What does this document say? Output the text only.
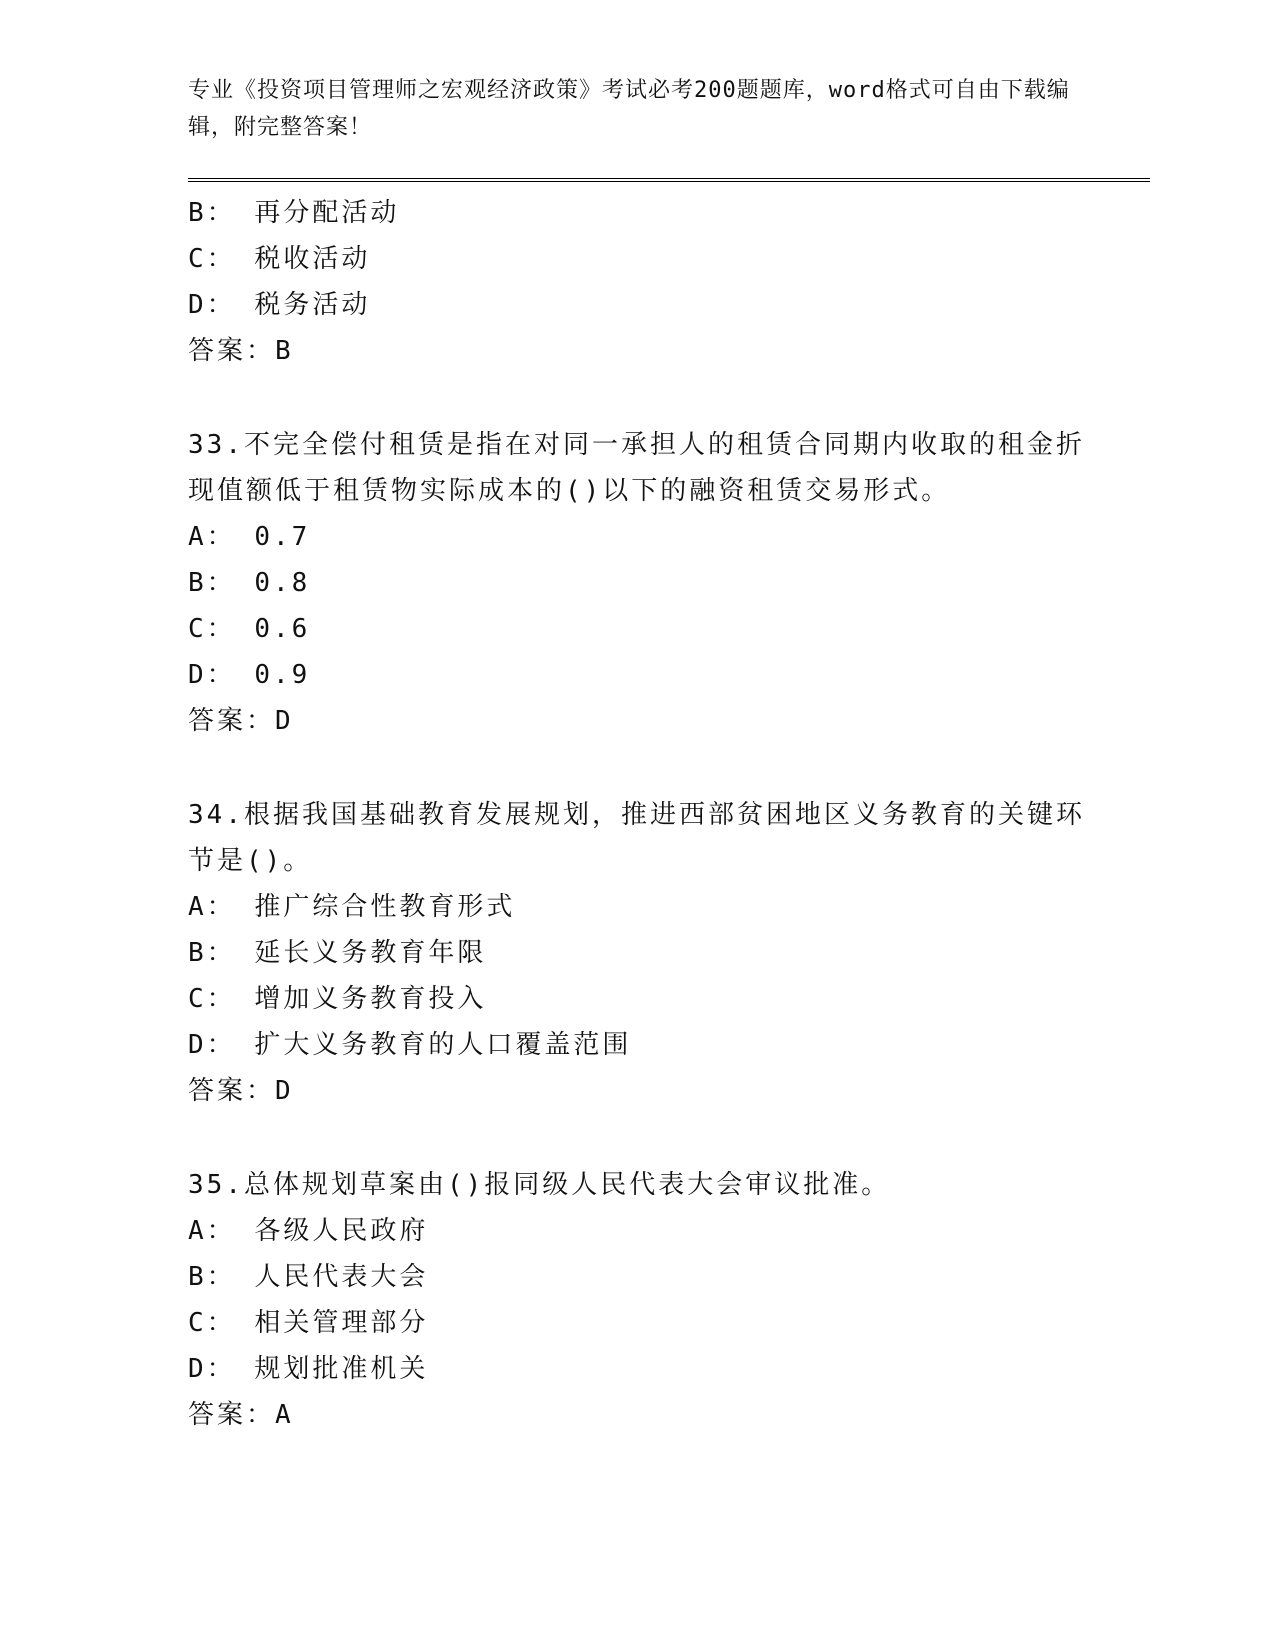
专业《投资项目管理师之宏观经济政策》考试必考200题题库，word格式可自由下载编辑，附完整答案！
B： 再分配活动
C： 税收活动
D： 税务活动
答案：B
33 . 不完全偿付租赁是指在对同一承担人的租赁合同期内收取的租金折现值额低于租赁物实际成本的()以下的融资租赁交易形式。
A： 0.7
B： 0.8
C： 0.6
D： 0.9
答案：D
34 . 根据我国基础教育发展规划，推进西部贫困地区义务教育的关键环节是()。
A： 推广综合性教育形式
B： 延长义务教育年限
C： 增加义务教育投入
D： 扩大义务教育的人口覆盖范围
答案：D
35 . 总体规划草案由()报同级人民代表大会审议批准。
A： 各级人民政府
B： 人民代表大会
C： 相关管理部分
D： 规划批准机关
答案：A
